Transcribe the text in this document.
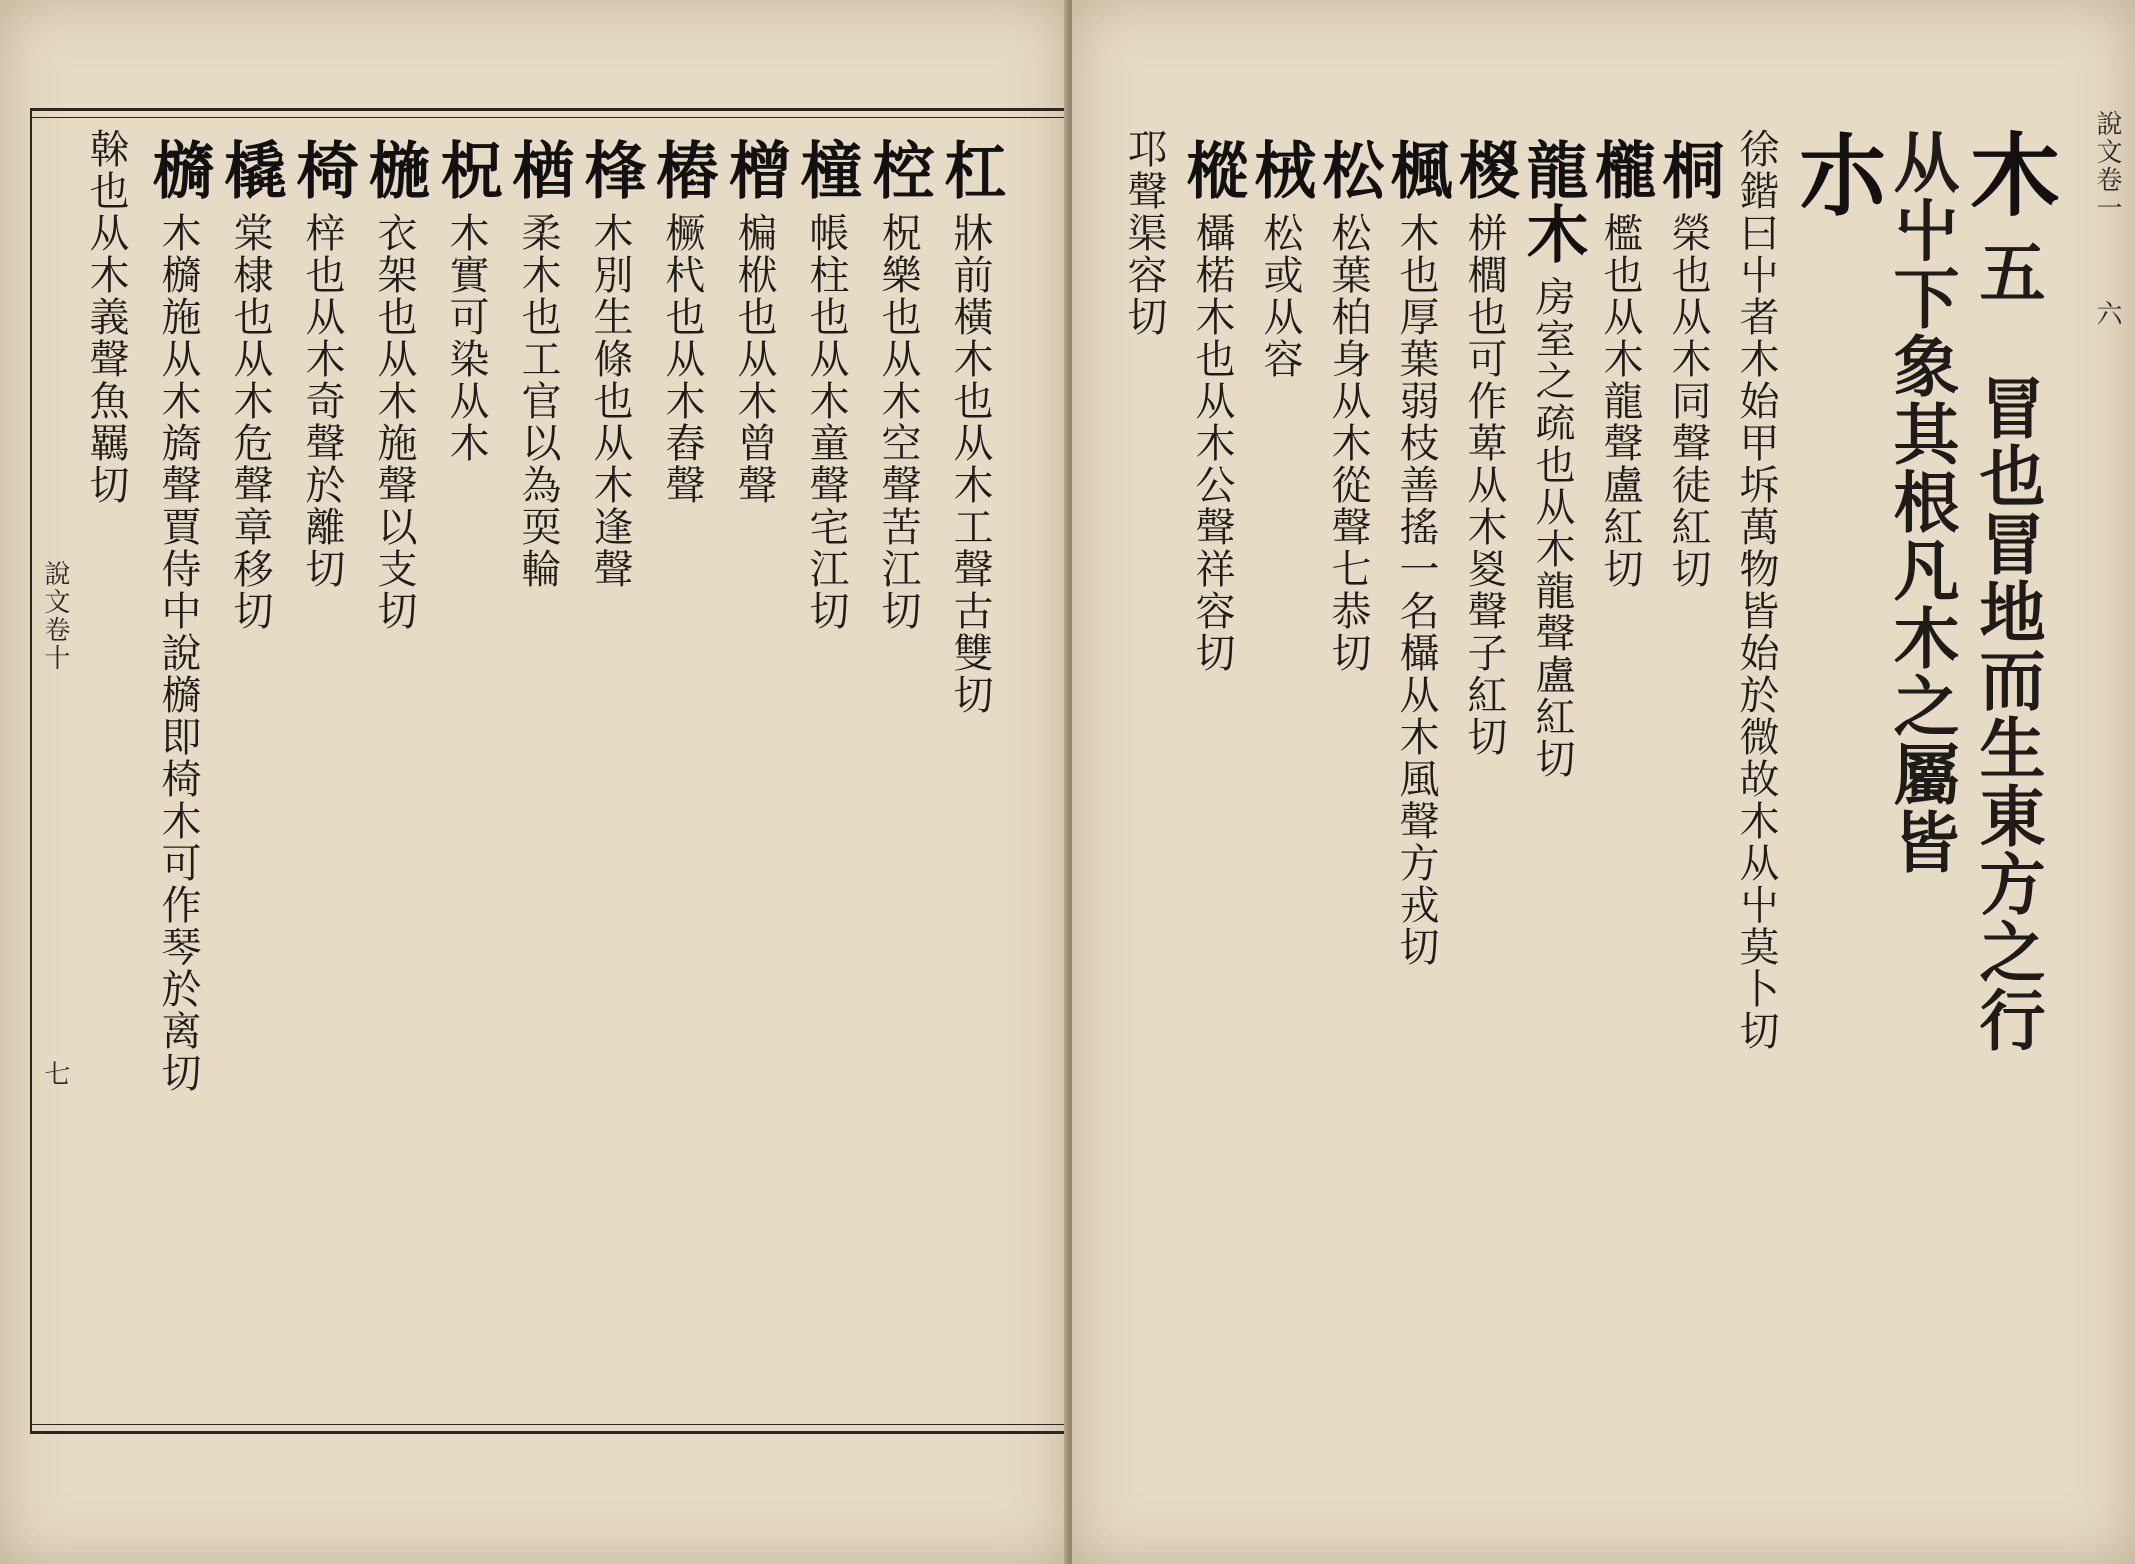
杠牀前橫木也从木工聲古雙切
椌柷樂也从木空聲苦江切
橦帳柱也从木童聲宅江切
橧楄栿也从木曾聲
樁橛杙也从木舂聲
桻木別生條也从木逢聲
楢柔木也工官以為耎輪
柷木實可染从木
椸衣架也从木施聲以支切
椅梓也从木奇聲於離切
橇棠棣也从木危聲章移切
檹木檹施从木旖聲賈侍中說檹即椅木可作琴於离切
榦也从木義聲魚羈切
說文卷十
七
木五　冒也冒地而生東方之行
从屮下象其根凡木之屬皆
朩
徐鍇曰屮者木始甲坼萬物皆始於微故木从屮莫卜切
桐榮也从木同聲徒紅切
櫳檻也从木龍聲盧紅切
龍木房室之疏也从木龍聲盧紅切
椶栟櫚也可作萆从木㚇聲子紅切
楓木也厚葉弱枝善搖一名欇从木風聲方戎切
松松葉柏身从木從聲七恭切
㭜松或从容
樅欇楉木也从木公聲祥容切
邛聲渠容切	說文卷一
六
